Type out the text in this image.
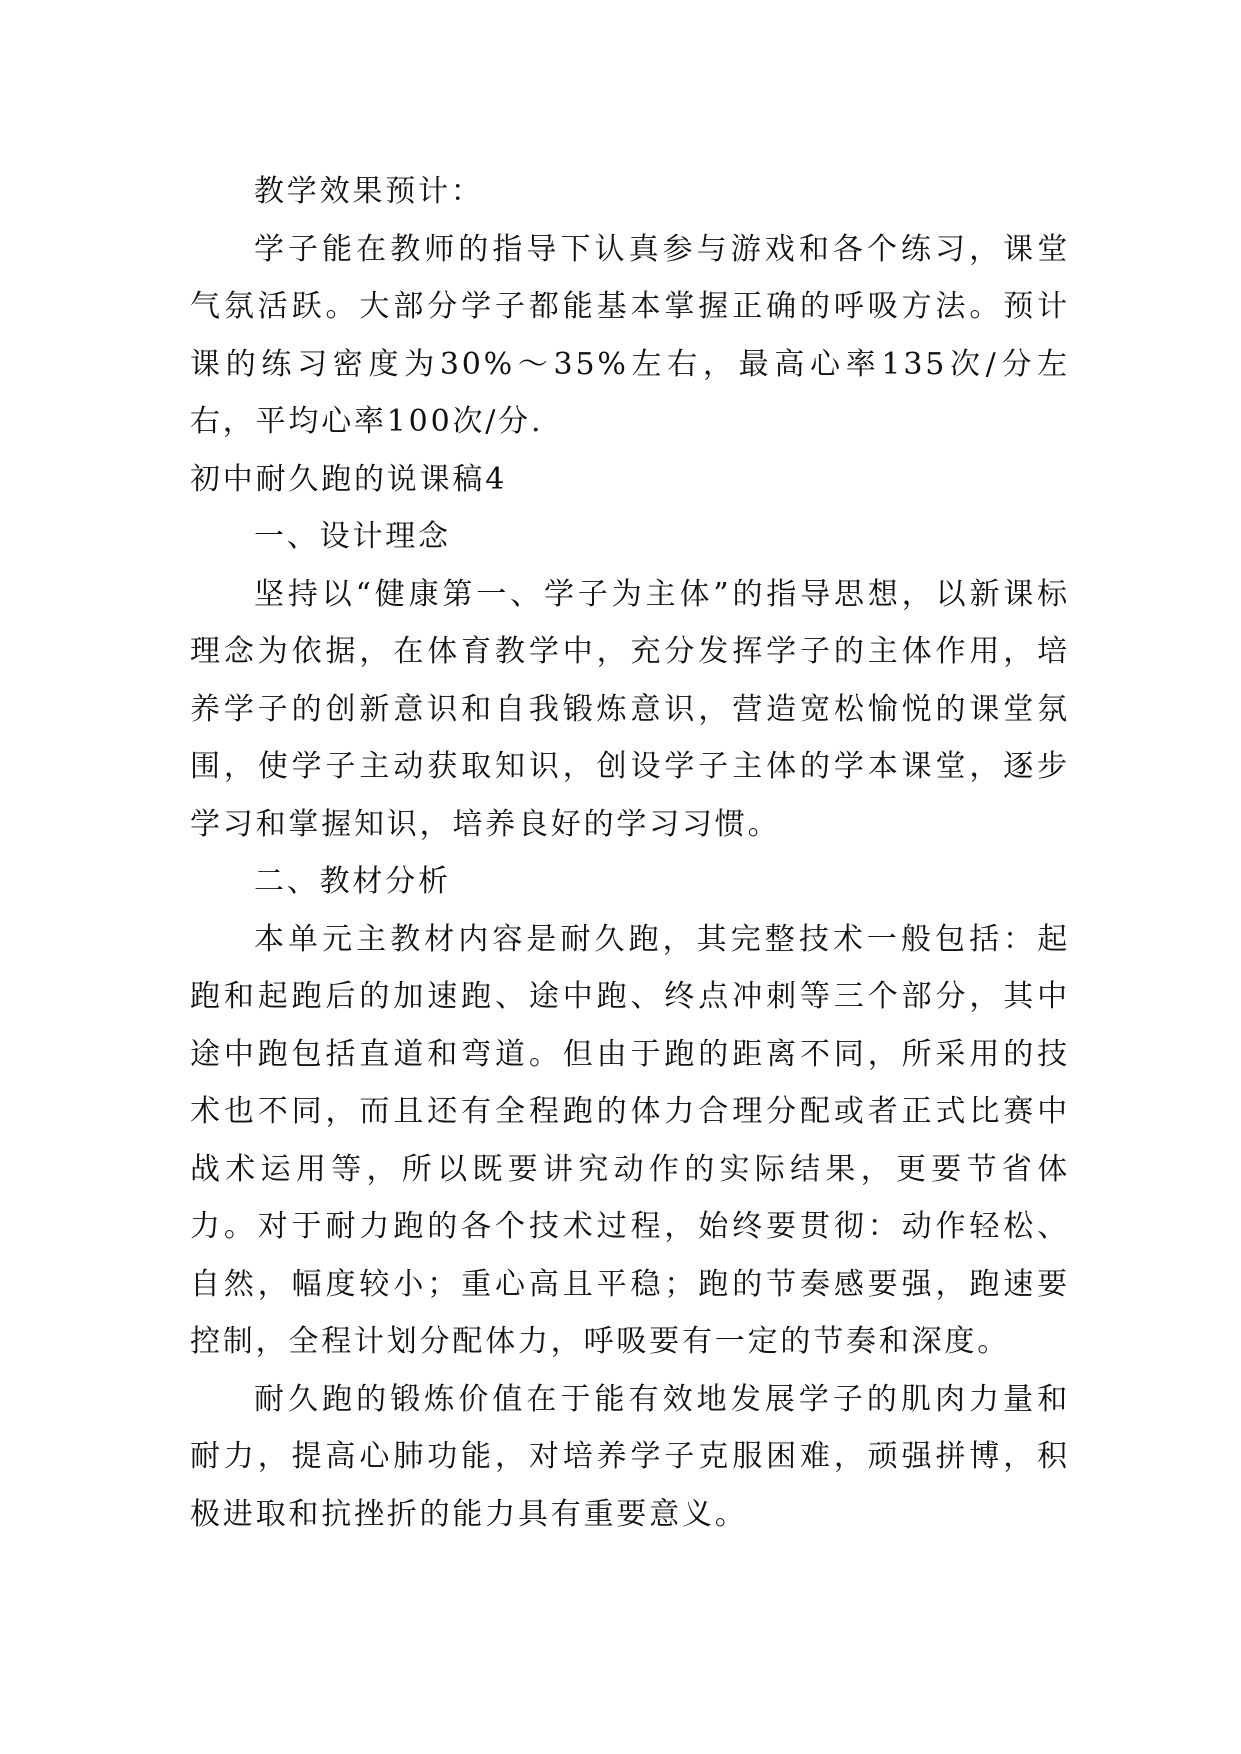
教学效果预计：

学子能在教师的指导下认真参与游戏和各个练习，课堂气氛活跃。大部分学子都能基本掌握正确的呼吸方法。预计课的练习密度为30%～35%左右，最高心率135次/分左右，平均心率100次/分.

初中耐久跑的说课稿4

一、设计理念

坚持以“健康第一、学子为主体”的指导思想，以新课标理念为依据，在体育教学中，充分发挥学子的主体作用，培养学子的创新意识和自我锻炼意识，营造宽松愉悦的课堂氛围，使学子主动获取知识，创设学子主体的学本课堂，逐步学习和掌握知识，培养良好的学习习惯。

二、教材分析

本单元主教材内容是耐久跑，其完整技术一般包括：起跑和起跑后的加速跑、途中跑、终点冲刺等三个部分，其中途中跑包括直道和弯道。但由于跑的距离不同，所采用的技术也不同，而且还有全程跑的体力合理分配或者正式比赛中战术运用等，所以既要讲究动作的实际结果，更要节省体力。对于耐力跑的各个技术过程，始终要贯彻：动作轻松、自然，幅度较小；重心高且平稳；跑的节奏感要强，跑速要控制，全程计划分配体力，呼吸要有一定的节奏和深度。

耐久跑的锻炼价值在于能有效地发展学子的肌肉力量和耐力，提高心肺功能，对培养学子克服困难，顽强拼博，积极进取和抗挫折的能力具有重要意义。
